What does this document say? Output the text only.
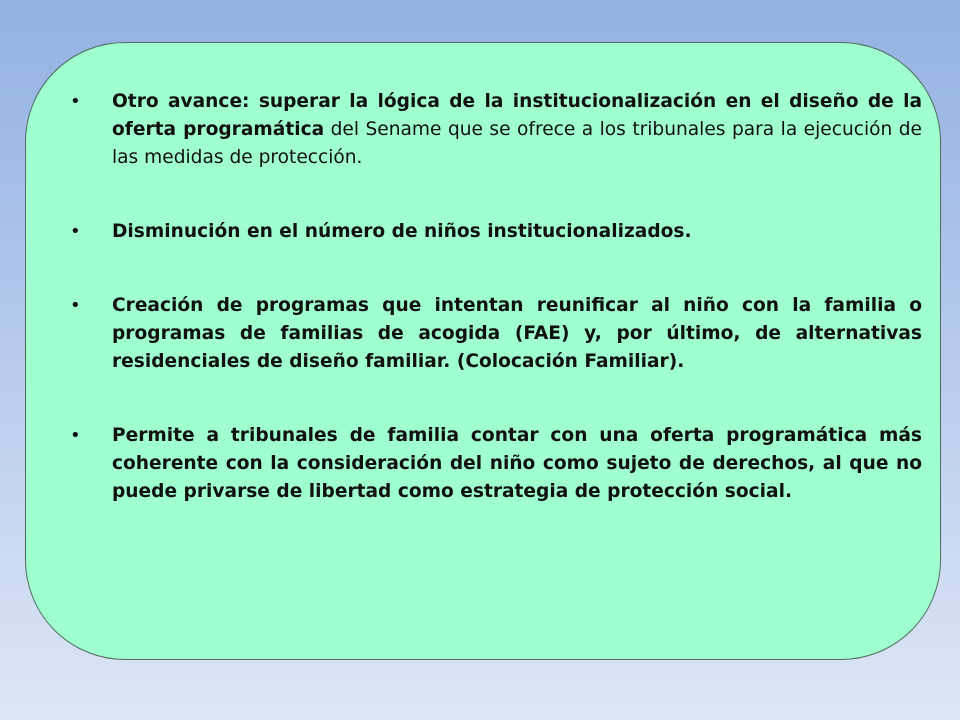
• Otro avance: superar la lógica de la institucionalización en el diseño de la oferta programática del Sename que se ofrece a los tribunales para la ejecución de las medidas de protección.
• Disminución en el número de niños institucionalizados.
• Creación de programas que intentan reunificar al niño con la familia o programas de familias de acogida (FAE) y, por último, de alternativas residenciales de diseño familiar. (Colocación Familiar).
• Permite a tribunales de familia contar con una oferta programática más coherente con la consideración del niño como sujeto de derechos, al que no puede privarse de libertad como estrategia de protección social.
